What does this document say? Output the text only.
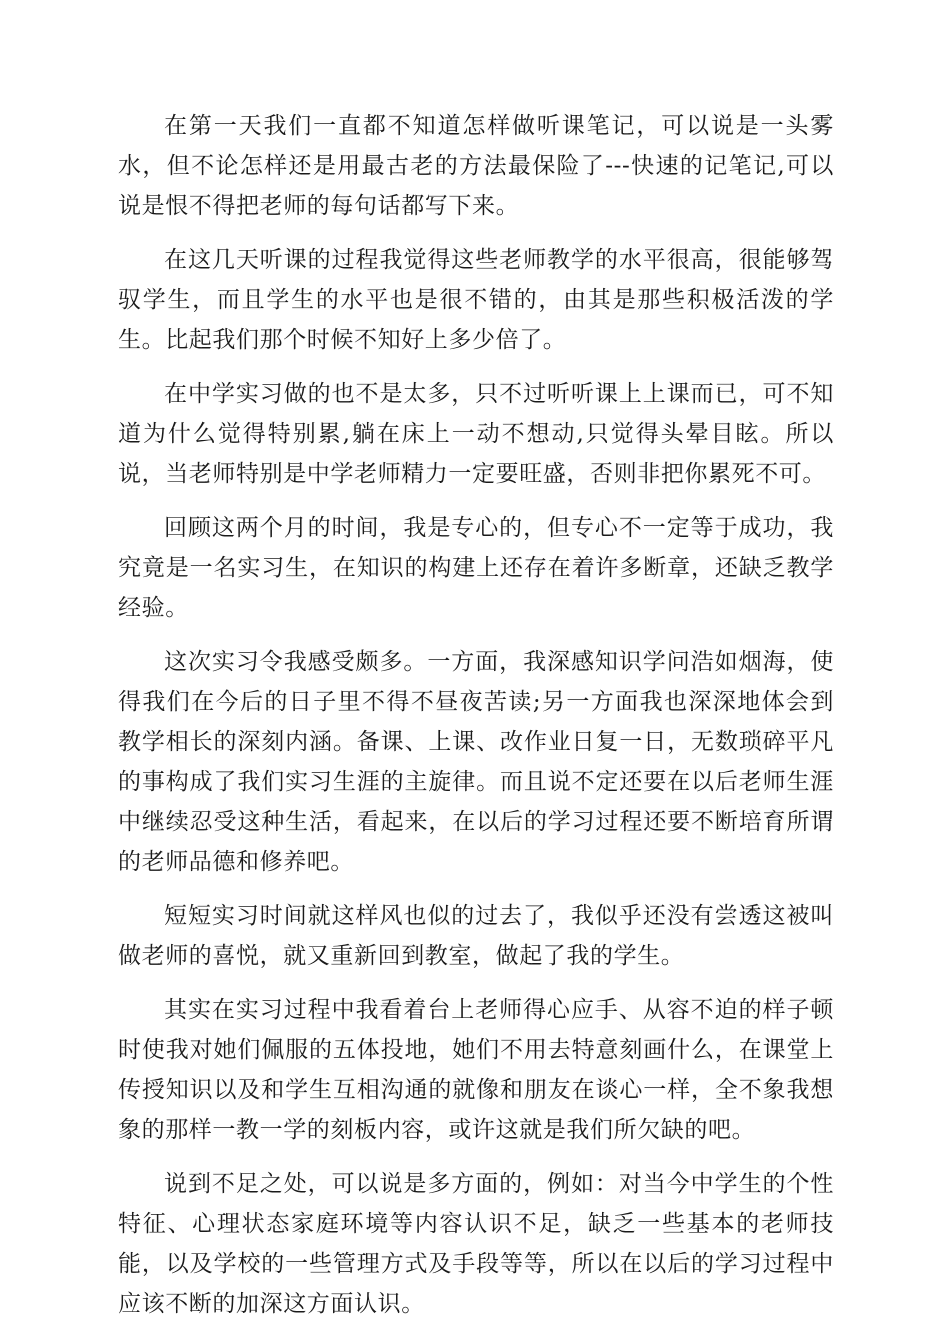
在第一天我们一直都不知道怎样做听课笔记，可以说是一头雾水，但不论怎样还是用最古老的方法最保险了---快速的记笔记,可以说是恨不得把老师的每句话都写下来。

在这几天听课的过程我觉得这些老师教学的水平很高，很能够驾驭学生，而且学生的水平也是很不错的，由其是那些积极活泼的学生。比起我们那个时候不知好上多少倍了。

在中学实习做的也不是太多，只不过听听课上上课而已，可不知道为什么觉得特别累,躺在床上一动不想动,只觉得头晕目眩。所以说，当老师特别是中学老师精力一定要旺盛，否则非把你累死不可。

回顾这两个月的时间，我是专心的，但专心不一定等于成功，我究竟是一名实习生，在知识的构建上还存在着许多断章，还缺乏教学经验。

这次实习令我感受颇多。一方面，我深感知识学问浩如烟海，使得我们在今后的日子里不得不昼夜苦读;另一方面我也深深地体会到教学相长的深刻内涵。备课、上课、改作业日复一日，无数琐碎平凡的事构成了我们实习生涯的主旋律。而且说不定还要在以后老师生涯中继续忍受这种生活，看起来，在以后的学习过程还要不断培育所谓的老师品德和修养吧。

短短实习时间就这样风也似的过去了，我似乎还没有尝透这被叫做老师的喜悦，就又重新回到教室，做起了我的学生。

其实在实习过程中我看着台上老师得心应手、从容不迫的样子顿时使我对她们佩服的五体投地，她们不用去特意刻画什么，在课堂上传授知识以及和学生互相沟通的就像和朋友在谈心一样，全不象我想象的那样一教一学的刻板内容，或许这就是我们所欠缺的吧。

说到不足之处，可以说是多方面的，例如：对当今中学生的个性特征、心理状态家庭环境等内容认识不足，缺乏一些基本的老师技能，以及学校的一些管理方式及手段等等，所以在以后的学习过程中应该不断的加深这方面认识。
